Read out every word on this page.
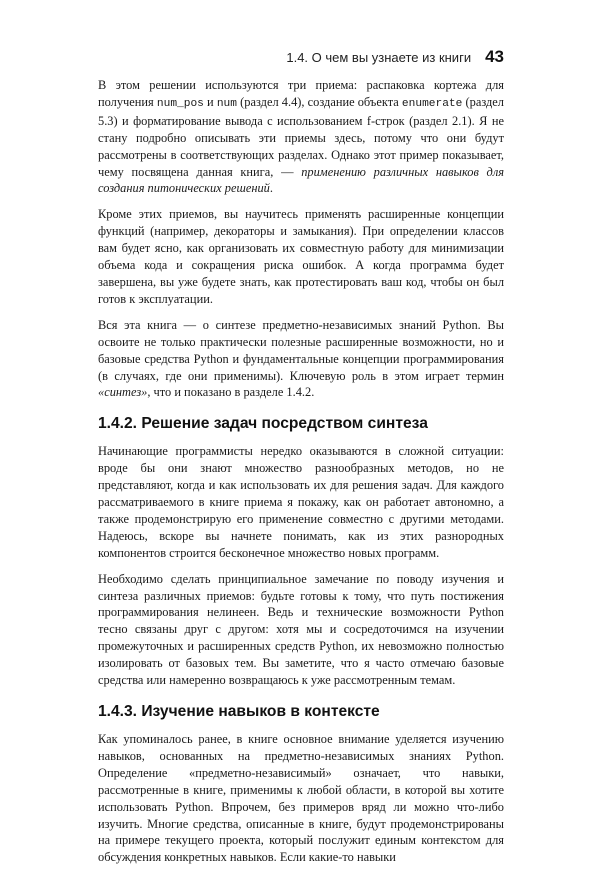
1.4. О чем вы узнаете из книги 43

В этом решении используются три приема: распаковка кортежа для получения num_pos и num (раздел 4.4), создание объекта enumerate (раздел 5.3) и форматирование вывода с использованием f-строк (раздел 2.1). Я не стану подробно описывать эти приемы здесь, потому что они будут рассмотрены в соответствующих разделах. Однако этот пример показывает, чему посвящена данная книга, — применению различных навыков для создания питонических решений.

Кроме этих приемов, вы научитесь применять расширенные концепции функций (например, декораторы и замыкания). При определении классов вам будет ясно, как организовать их совместную работу для минимизации объема кода и сокращения риска ошибок. А когда программа будет завершена, вы уже будете знать, как протестировать ваш код, чтобы он был готов к эксплуатации.

Вся эта книга — о синтезе предметно-независимых знаний Python. Вы освоите не только практически полезные расширенные возможности, но и базовые средства Python и фундаментальные концепции программирования (в случаях, где они применимы). Ключевую роль в этом играет термин «синтез», что и показано в разделе 1.4.2.

1.4.2. Решение задач посредством синтеза

Начинающие программисты нередко оказываются в сложной ситуации: вроде бы они знают множество разнообразных методов, но не представляют, когда и как использовать их для решения задач. Для каждого рассматриваемого в книге приема я покажу, как он работает автономно, а также продемонстрирую его применение совместно с другими методами. Надеюсь, вскоре вы начнете понимать, как из этих разнородных компонентов строится бесконечное множество новых программ.

Необходимо сделать принципиальное замечание по поводу изучения и синтеза различных приемов: будьте готовы к тому, что путь постижения программирования нелинеен. Ведь и технические возможности Python тесно связаны друг с другом: хотя мы и сосредоточимся на изучении промежуточных и расширенных средств Python, их невозможно полностью изолировать от базовых тем. Вы заметите, что я часто отмечаю базовые средства или намеренно возвращаюсь к уже рассмотренным темам.

1.4.3. Изучение навыков в контексте

Как упоминалось ранее, в книге основное внимание уделяется изучению навыков, основанных на предметно-независимых знаниях Python. Определение «предметно-независимый» означает, что навыки, рассмотренные в книге, применимы к любой области, в которой вы хотите использовать Python. Впрочем, без примеров вряд ли можно что-либо изучить. Многие средства, описанные в книге, будут продемонстрированы на примере текущего проекта, который послужит единым контекстом для обсуждения конкретных навыков. Если какие-то навыки
